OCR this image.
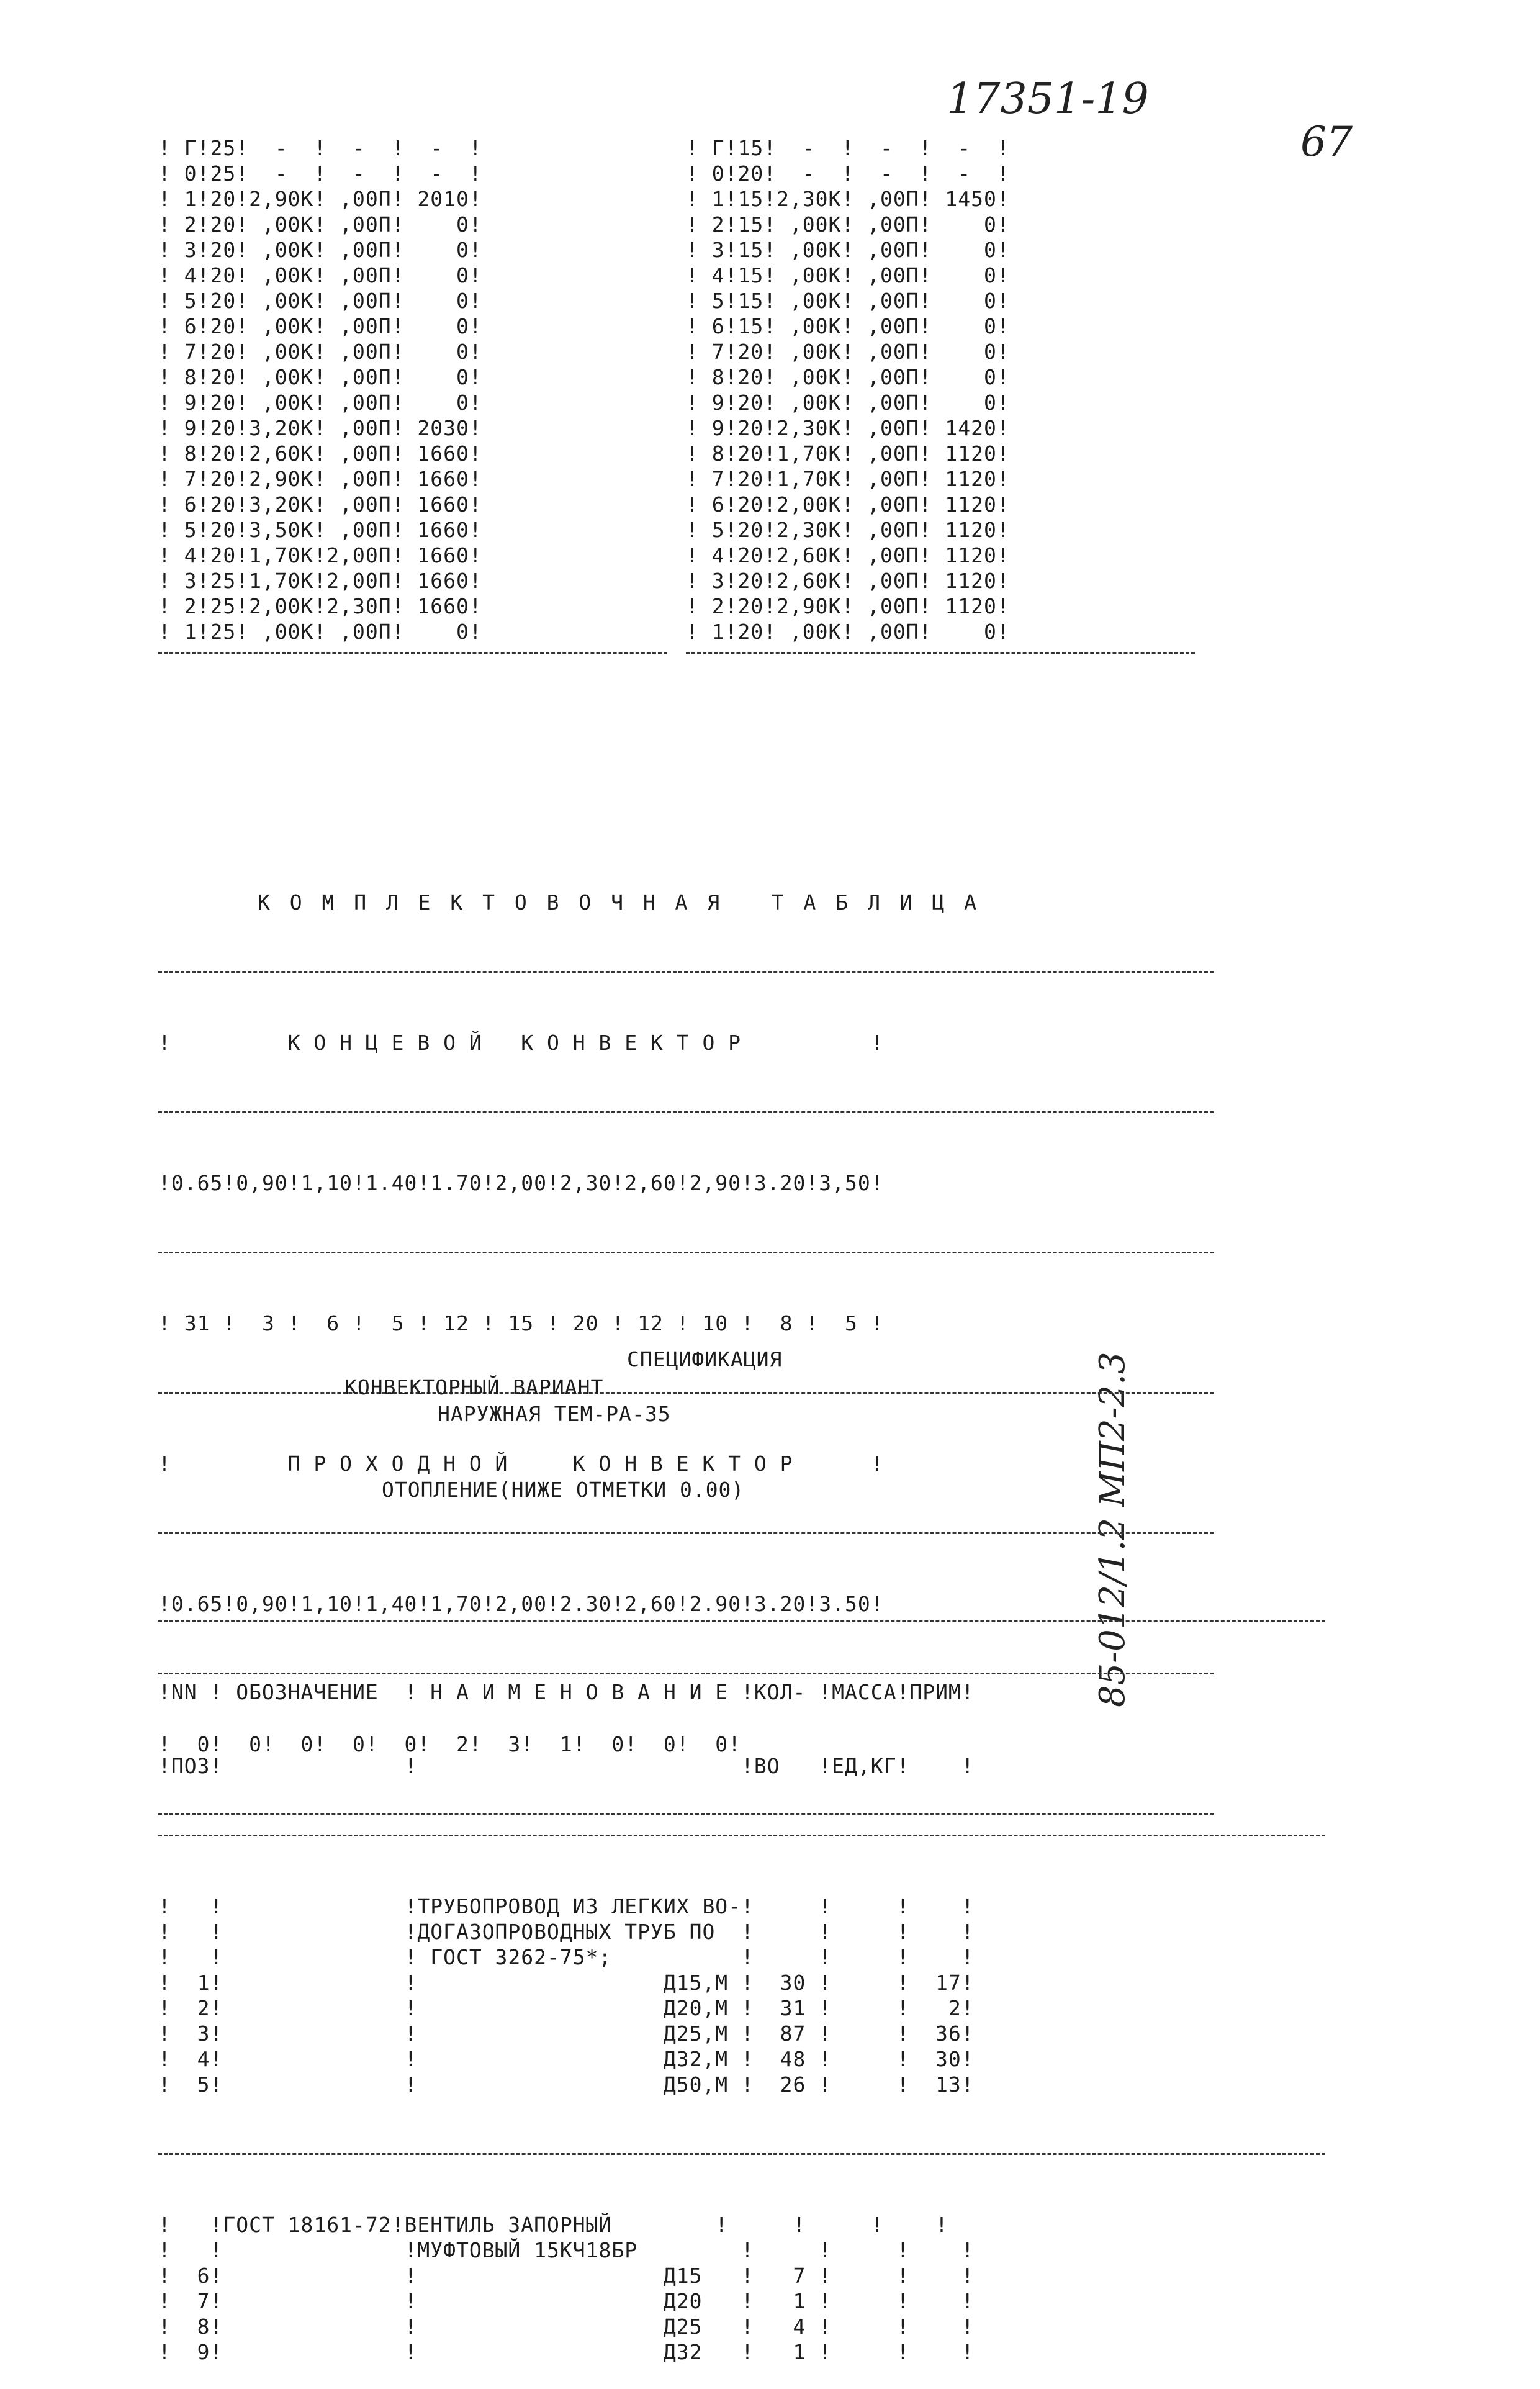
17351-19
67
85-012/1.2 МП2-2.3
! Г!25!  -  !  -  !  -  !
! 0!25!  -  !  -  !  -  !
! 1!20!2,90К! ,00П! 2010!
! 2!20! ,00К! ,00П!    0!
! 3!20! ,00К! ,00П!    0!
! 4!20! ,00К! ,00П!    0!
! 5!20! ,00К! ,00П!    0!
! 6!20! ,00К! ,00П!    0!
! 7!20! ,00К! ,00П!    0!
! 8!20! ,00К! ,00П!    0!
! 9!20! ,00К! ,00П!    0!
! 9!20!3,20К! ,00П! 2030!
! 8!20!2,60К! ,00П! 1660!
! 7!20!2,90К! ,00П! 1660!
! 6!20!3,20К! ,00П! 1660!
! 5!20!3,50К! ,00П! 1660!
! 4!20!1,70К!2,00П! 1660!
! 3!25!1,70К!2,00П! 1660!
! 2!25!2,00К!2,30П! 1660!
! 1!25! ,00К! ,00П!    0!
! Г!15!  -  !  -  !  -  !
! 0!20!  -  !  -  !  -  !
! 1!15!2,30К! ,00П! 1450!
! 2!15! ,00К! ,00П!    0!
! 3!15! ,00К! ,00П!    0!
! 4!15! ,00К! ,00П!    0!
! 5!15! ,00К! ,00П!    0!
! 6!15! ,00К! ,00П!    0!
! 7!20! ,00К! ,00П!    0!
! 8!20! ,00К! ,00П!    0!
! 9!20! ,00К! ,00П!    0!
! 9!20!2,30К! ,00П! 1420!
! 8!20!1,70К! ,00П! 1120!
! 7!20!1,70К! ,00П! 1120!
! 6!20!2,00К! ,00П! 1120!
! 5!20!2,30К! ,00П! 1120!
! 4!20!2,60К! ,00П! 1120!
! 3!20!2,60К! ,00П! 1120!
! 2!20!2,90К! ,00П! 1120!
! 1!20! ,00К! ,00П!    0!

К О М П Л Е К Т О В О Ч Н А Я   Т А Б Л И Ц А

!         К О Н Ц Е В О Й   К О Н В Е К Т О Р          !

!0.65!0,90!1,10!1.40!1.70!2,00!2,30!2,60!2,90!3.20!3,50!

! 31 !  3 !  6 !  5 ! 12 ! 15 ! 20 ! 12 ! 10 !  8 !  5 !

!         П Р О Х О Д Н О Й     К О Н В Е К Т О Р      !

!0.65!0,90!1,10!1,40!1,70!2,00!2.30!2,60!2.90!3.20!3.50!

!  0!  0!  0!  0!  0!  2!  3!  1!  0!  0!  0!

СПЕЦИФИКАЦИЯ
КОНВЕКТОРНЫЙ ВАРИАНТ
НАРУЖНАЯ ТЕМ-РА-35
ОТОПЛЕНИЕ(НИЖЕ ОТМЕТКИ 0.00)

!NN ! ОБОЗНАЧЕНИЕ  ! Н А И М Е Н О В А Н И Е !КОЛ- !МАССА!ПРИМ!

!ПОЗ!              !                         !ВО   !ЕД,КГ!    !

!   !              !ТРУБОПРОВОД ИЗ ЛЕГКИХ ВО-!     !     !    !
!   !              !ДОГАЗОПРОВОДНЫХ ТРУБ ПО  !     !     !    !
!   !              ! ГОСТ 3262-75*;          !     !     !    !
!  1!              !                   Д15,М !  30 !     !  17!
!  2!              !                   Д20,М !  31 !     !   2!
!  3!              !                   Д25,М !  87 !     !  36!
!  4!              !                   Д32,М !  48 !     !  30!
!  5!              !                   Д50,М !  26 !     !  13!

!   !ГОСТ 18161-72!ВЕНТИЛЬ ЗАПОРНЫЙ        !     !     !    !
!   !              !МУФТОВЫЙ 15КЧ18БР        !     !     !    !
!  6!              !                   Д15   !   7 !     !    !
!  7!              !                   Д20   !   1 !     !    !
!  8!              !                   Д25   !   4 !     !    !
!  9!              !                   Д32   !   1 !     !    !
